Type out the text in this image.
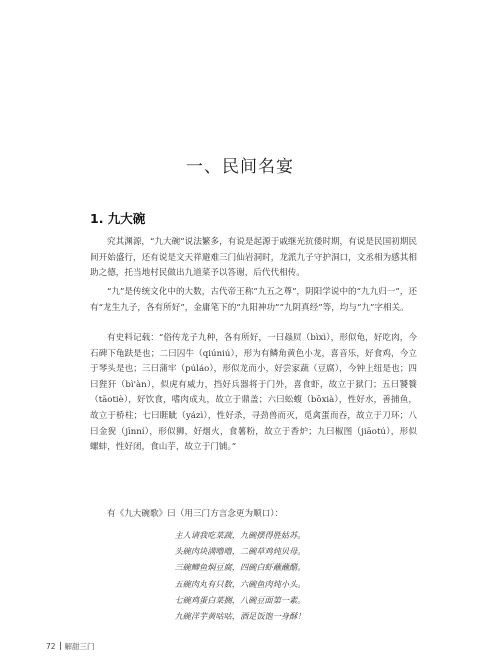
一、民间名宴
1. 九大碗

究其渊源，“九大碗”说法繁多，有说是起源于戚继光抗倭时期，有说是民国初期民间开始盛行，还有说是文天祥避难三门仙岩洞时，龙派九子守护洞口，文丞相为感其相助之德，托当地村民做出九道菜予以答谢，后代代相传。

“九”是传统文化中的大数，古代帝王称“九五之尊”，阴阳学说中的“九九归一”，还有“龙生九子，各有所好”，金庸笔下的“九阳神功”“九阴真经”等，均与“九”字相关。

有史料记载：“俗传龙子九种，各有所好，一曰赑屃（bìxì），形似龟，好吃肉，今石碑下龟趺是也；二曰囚牛（qiúniú），形为有鳞角黄色小龙，喜音乐，好食鸡，今立于琴头是也；三曰蒲牢（púláo），形似龙而小，好尝家蔬（豆腐），今钟上纽是也；四曰狴犴（bì'àn），似虎有威力，挡好兵器将于门外，喜食虾，故立于狱门；五曰饕餮（tāotiè），好饮食，嗜肉成丸，故立于鼎盖；六曰蚣蝮（bōxià），性好水，善捕鱼，故立于桥柱；七曰睚眦（yázì），性好杀，寻劲兽而灭，觅禽蛋而吞，故立于刀环；八曰金猊（jīnní），形似狮，好烟火，食薯粉，故立于香炉；九曰椒图（jiāotú），形似螺蚌，性好闭，食山芋，故立于门铺。”

有《九大碗歌》曰（用三门方言念更为顺口）：

主人请我吃菜蔬，九碗摆得胜姑苏。
头碗肉块满噜噜，二碗草鸡炖贝母。
三碗鲫鱼焖豆腐，四碗白虾蘸蘸醋。
五碗肉丸有只数，六碗鱼肉炖小头。
七碗鸡蛋白菜搁，八碗豆面第一素。
九碗洋芋黄咕咕，酒足饭饱一身酥！
72 解甜三门
